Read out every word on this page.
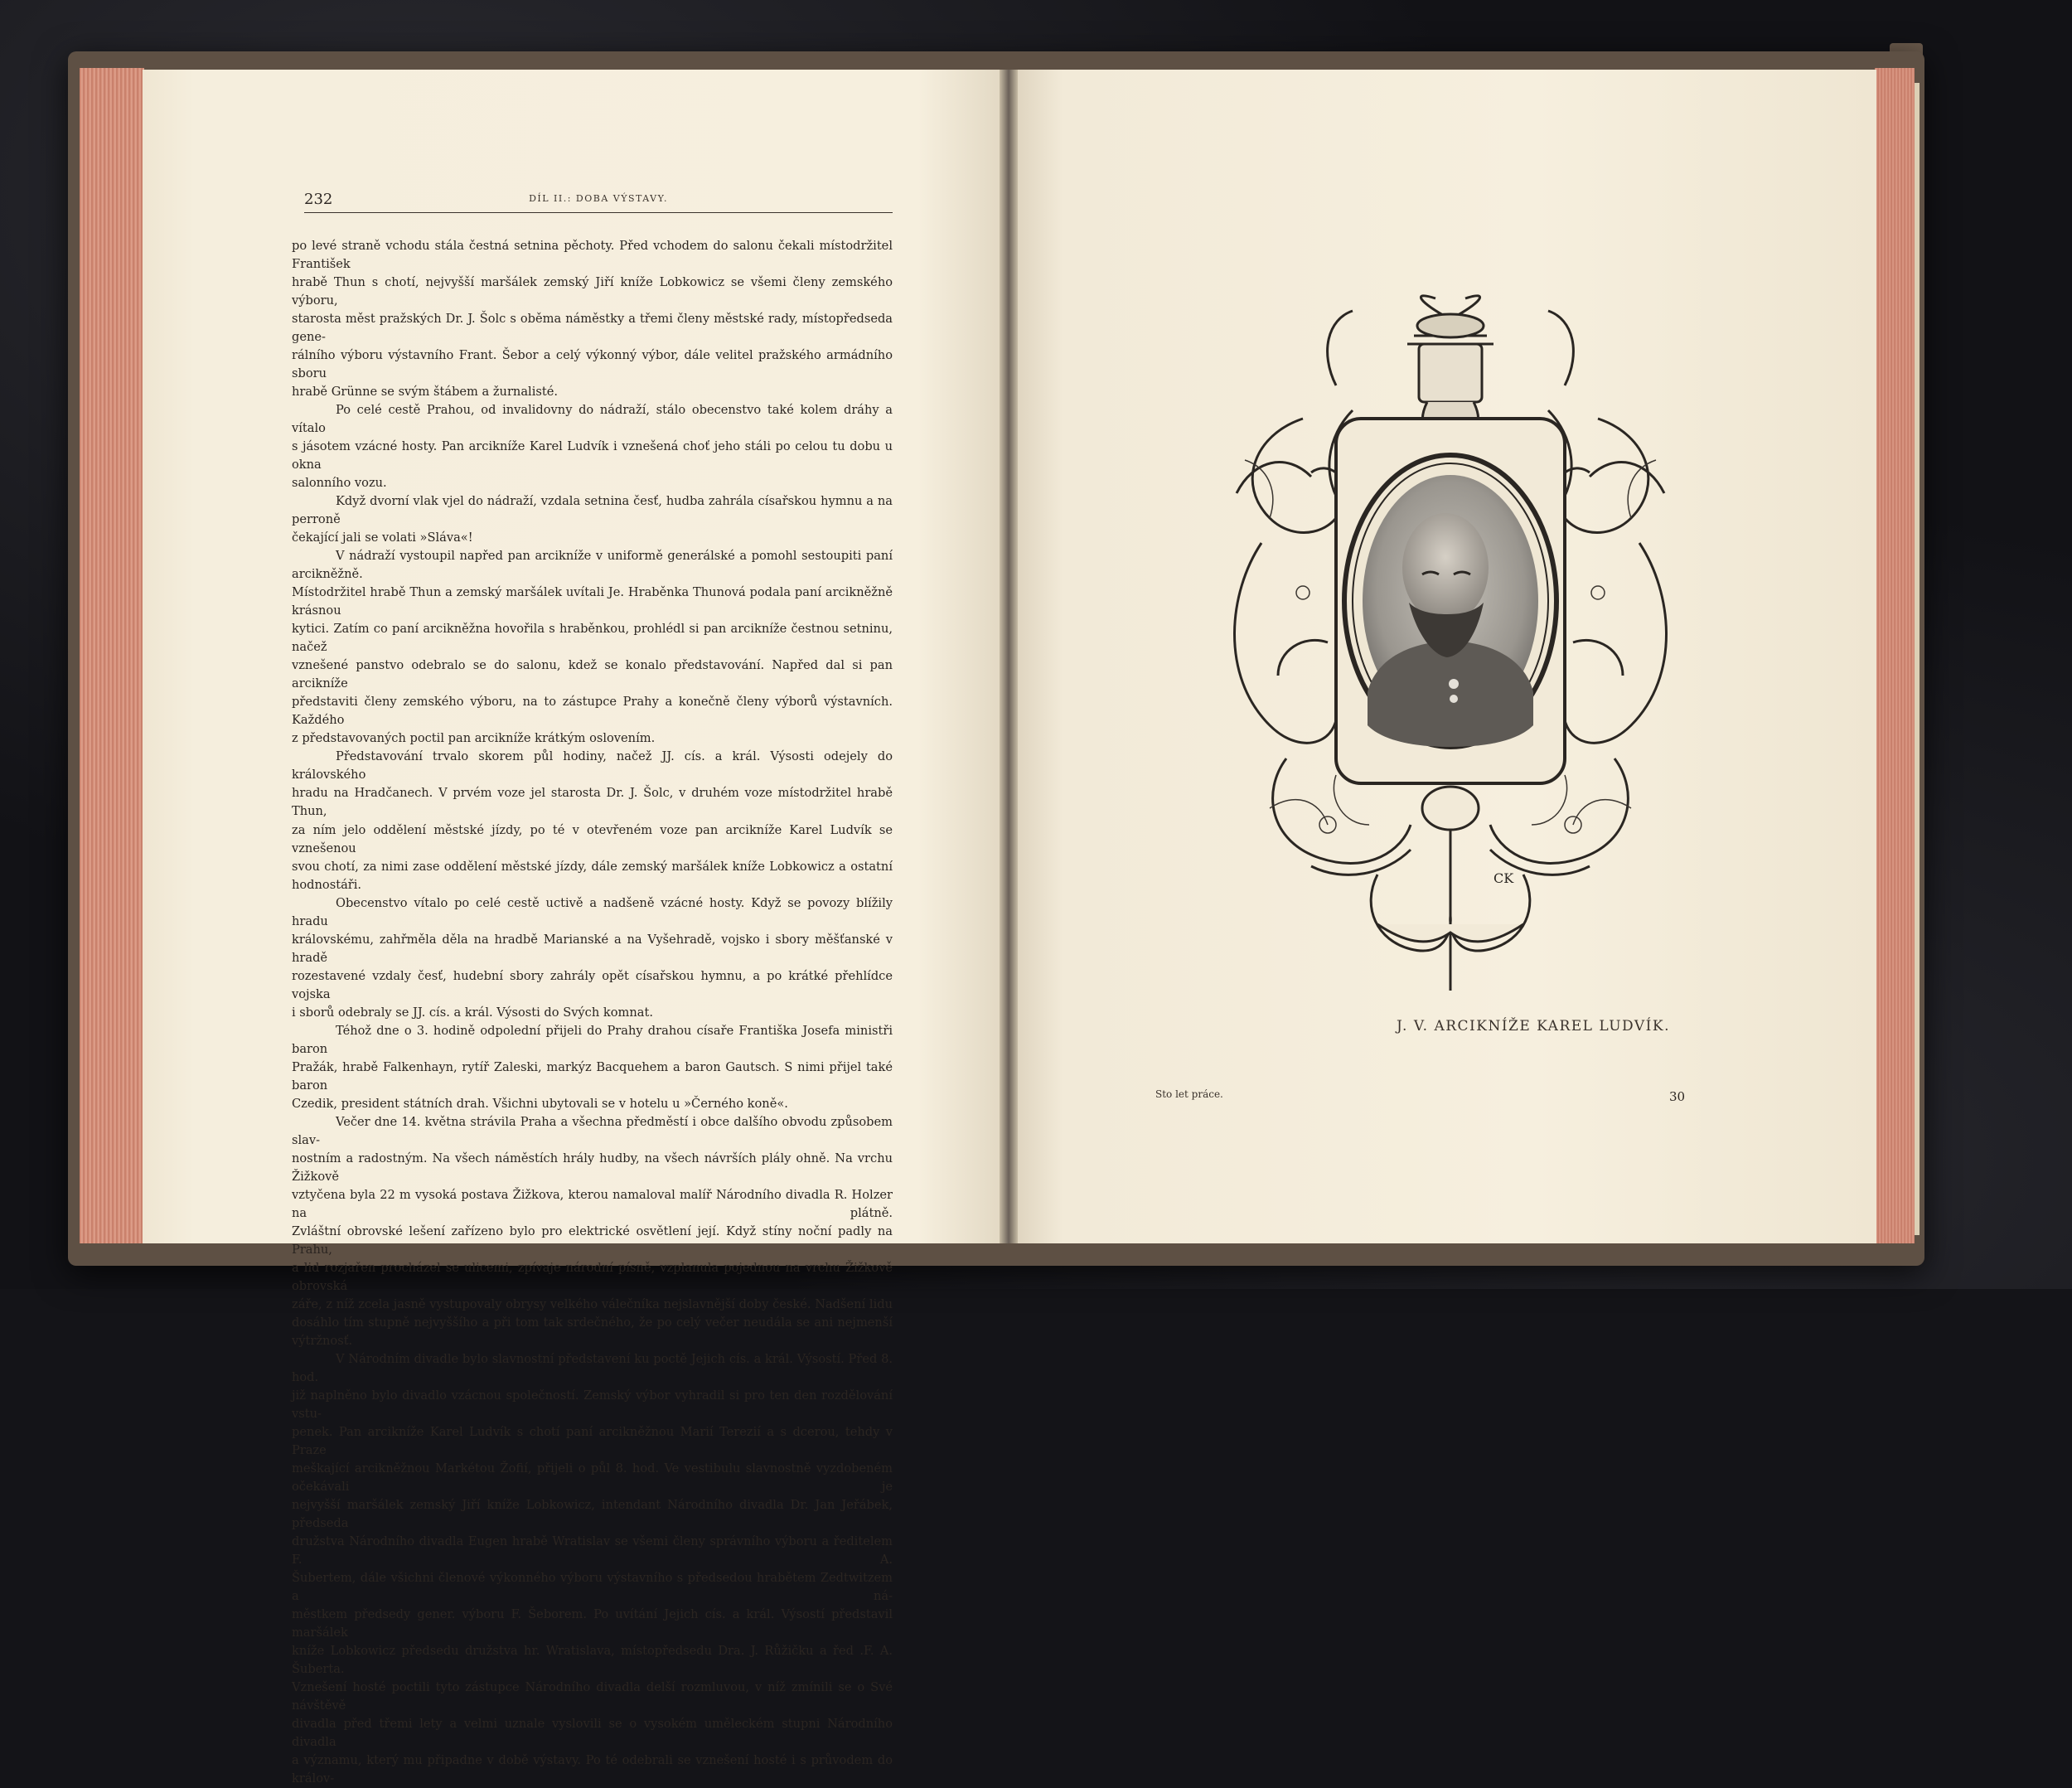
232	DÍL II.: DOBA VÝSTAVY.

po levé straně vchodu stála čestná setnina pěchoty. Před vchodem do salonu čekali místodržitel František

hrabě Thun s chotí, nejvyšší maršálek zemský Jiří kníže Lobkowicz se všemi členy zemského výboru,

starosta měst pražských Dr. J. Šolc s oběma náměstky a třemi členy městské rady, místopředseda gene-

rálního výboru výstavního Frant. Šebor a celý výkonný výbor, dále velitel pražského armádního sboru

hrabě Grünne se svým štábem a žurnalisté.

Po celé cestě Prahou, od invalidovny do nádraží, stálo obecenstvo také kolem dráhy a vítalo

s jásotem vzácné hosty. Pan arcikníže Karel Ludvík i vznešená choť jeho stáli po celou tu dobu u okna

salonního vozu.

Když dvorní vlak vjel do nádraží, vzdala setnina česť, hudba zahrála císařskou hymnu a na perroně

čekající jali se volati »Sláva«!

V nádraží vystoupil napřed pan arcikníže v uniformě generálské a pomohl sestoupiti paní arcikněžně.

Místodržitel hrabě Thun a zemský maršálek uvítali Je. Hraběnka Thunová podala paní arcikněžně krásnou

kytici. Zatím co paní arcikněžna hovořila s hraběnkou, prohlédl si pan arcikníže čestnou setninu, načež

vznešené panstvo odebralo se do salonu, kdež se konalo představování. Napřed dal si pan arcikníže

představiti členy zemského výboru, na to zástupce Prahy a konečně členy výborů výstavních. Každého

z představovaných poctil pan arcikníže krátkým oslovením.

Představování trvalo skorem půl hodiny, načež JJ. cís. a král. Výsosti odejely do královského

hradu na Hradčanech. V prvém voze jel starosta Dr. J. Šolc, v druhém voze místodržitel hrabě Thun,

za ním jelo oddělení městské jízdy, po té v otevřeném voze pan arcikníže Karel Ludvík se vznešenou

svou chotí, za nimi zase oddělení městské jízdy, dále zemský maršálek kníže Lobkowicz a ostatní hodnostáři.

Obecenstvo vítalo po celé cestě uctivě a nadšeně vzácné hosty. Když se povozy blížily hradu

královskému, zahřměla děla na hradbě Marianské a na Vyšehradě, vojsko i sbory měšťanské v hradě

rozestavené vzdaly česť, hudební sbory zahrály opět císařskou hymnu, a po krátké přehlídce vojska

i sborů odebraly se JJ. cís. a král. Výsosti do Svých komnat.

Téhož dne o 3. hodině odpolední přijeli do Prahy drahou císaře Františka Josefa ministři baron

Pražák, hrabě Falkenhayn, rytíř Zaleski, markýz Bacquehem a baron Gautsch. S nimi přijel také baron

Czedik, president státních drah. Všichni ubytovali se v hotelu u »Černého koně«.

Večer dne 14. května strávila Praha a všechna předměstí i obce dalšího obvodu způsobem slav-

nostním a radostným. Na všech náměstích hrály hudby, na všech návrších plály ohně. Na vrchu Žižkově

vztyčena byla 22 m vysoká postava Žižkova, kterou namaloval malíř Národního divadla R. Holzer na plátně.

Zvláštní obrovské lešení zařízeno bylo pro elektrické osvětlení její. Když stíny noční padly na Prahu,

a lid rozjařen procházel se ulicemi, zpívaje národní písně, vzplanula pojednou na vrchu Žižkově obrovská

záře, z níž zcela jasně vystupovaly obrysy velkého válečníka nejslavnější doby české. Nadšení lidu

dosáhlo tím stupně nejvyššího a při tom tak srdečného, že po celý večer neudála se ani nejmenší

výtržnosť.

V Národním divadle bylo slavnostní představení ku poctě Jejich cís. a král. Výsostí. Před 8. hod.

již naplněno bylo divadlo vzácnou společností. Zemský výbor vyhradil si pro ten den rozdělování vstu-

penek. Pan arcikníže Karel Ludvík s chotí paní arcikněžnou Marií Terezií a s dcerou, tehdy v Praze

meškající arcikněžnou Markétou Žofií, přijeli o půl 8. hod. Ve vestibulu slavnostně vyzdobeném očekávali je

nejvyšší maršálek zemský Jiří kníže Lobkowicz, intendant Národního divadla Dr. Jan Jeřábek, předseda

družstva Národního divadla Eugen hrabě Wratislav se všemi členy správního výboru a ředitelem F. A.

Šubertem, dále všichni členové výkonného výboru výstavního s předsedou hrabětem Zedtwitzem a ná-

městkem předsedy gener. výboru F. Šeborem. Po uvítání Jejich cís. a král. Výsostí představil maršálek

kníže Lobkowicz předsedu družstva hr. Wratislava, místopředsedu Dra. J. Růžičku a řed .F. A. Šuberta.

Vznešení hosté poctili tyto zástupce Národního divadla delší rozmluvou, v níž zmínili se o Své návštěvě

divadla před třemi lety a velmi uznale vyslovili se o vysokém uměleckém stupni Národního divadla

a významu, který mu připadne v době výstavy. Po té odebrali se vznešení hosté i s průvodem do králov-

CK
J. V. ARCIKNÍŽE KAREL LUDVÍK.
Sto let práce.	30
